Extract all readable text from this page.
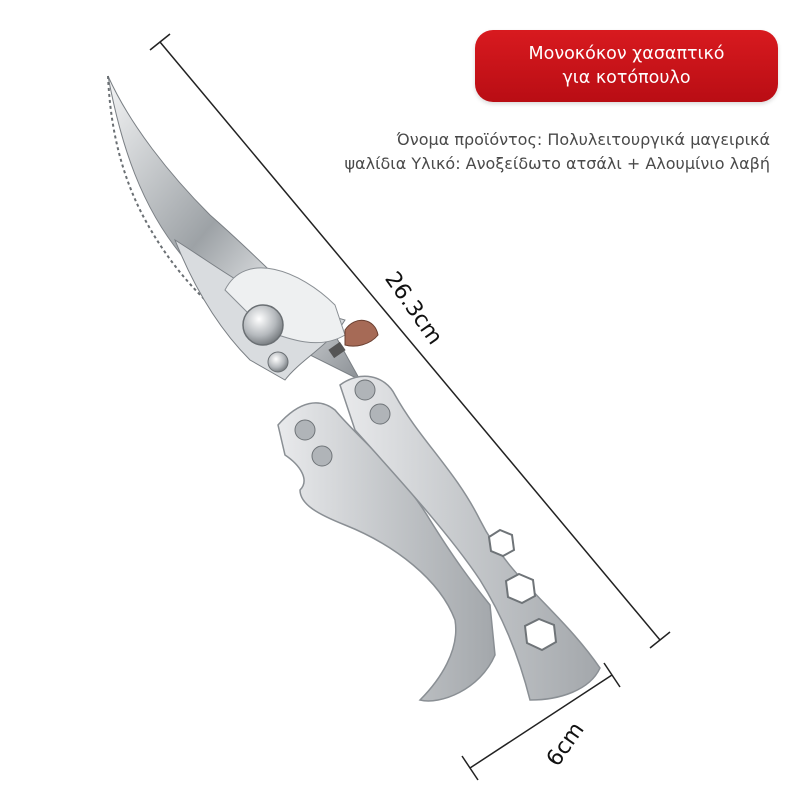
Μονοκόκον χασαπτικό
για κοτόπουλο
Όνομα προϊόντος: Πολυλειτουργικά μαγειρικά
ψαλίδια Υλικό: Ανοξείδωτο ατσάλι + Αλουμίνιο λαβή
26.3cm
6cm
